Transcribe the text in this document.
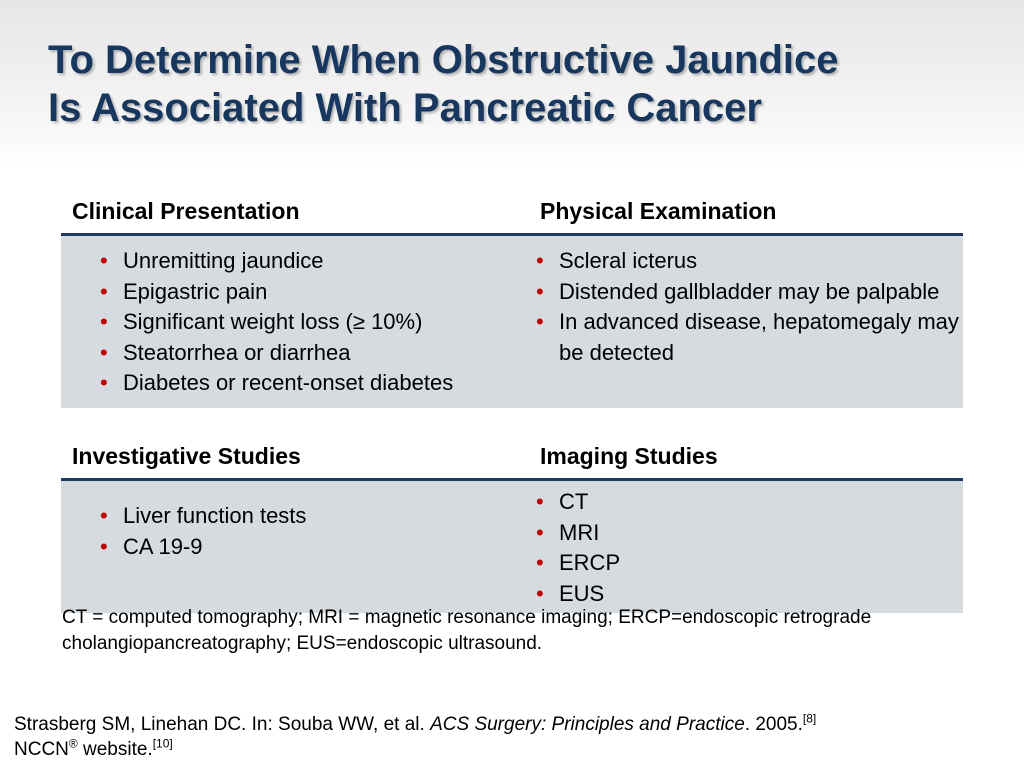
To Determine When Obstructive Jaundice
Is Associated With Pancreatic Cancer
Clinical Presentation	Physical Examination
• Unremitting jaundice
• Epigastric pain
• Significant weight loss (≥ 10%)
• Steatorrhea or diarrhea
• Diabetes or recent-onset diabetes
• Scleral icterus
• Distended gallbladder may be palpable
• In advanced disease, hepatomegaly may be detected
Investigative Studies	Imaging Studies
• Liver function tests
• CA 19-9
• CT
• MRI
• ERCP
• EUS

CT = computed tomography; MRI = magnetic resonance imaging; ERCP=endoscopic retrograde cholangiopancreatography; EUS=endoscopic ultrasound.

Strasberg SM, Linehan DC. In: Souba WW, et al. ACS Surgery: Principles and Practice. 2005.[8]
NCCN® website.[10]
